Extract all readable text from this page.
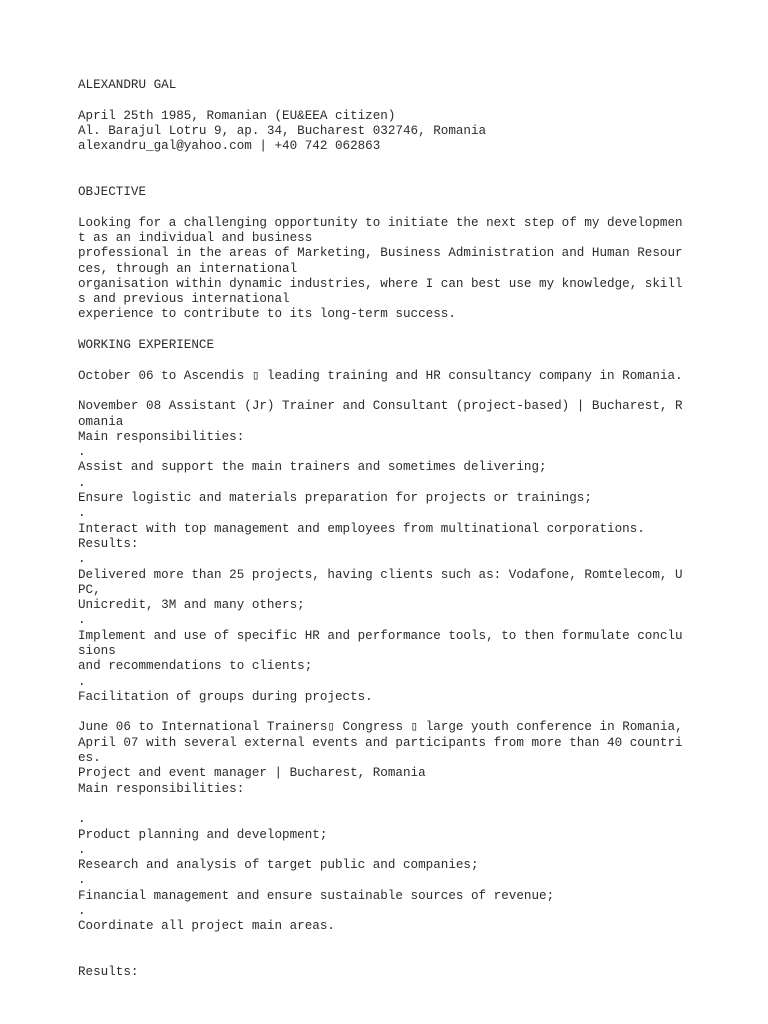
ALEXANDRU GAL
April 25th 1985, Romanian (EU&EEA citizen)
Al. Barajul Lotru 9, ap. 34, Bucharest 032746, Romania
alexandru_gal@yahoo.com | +40 742 062863
OBJECTIVE
Looking for a challenging opportunity to initiate the next step of my developmen
t as an individual and business
professional in the areas of Marketing, Business Administration and Human Resour
ces, through an international
organisation within dynamic industries, where I can best use my knowledge, skill
s and previous international
experience to contribute to its long-term success.
WORKING EXPERIENCE
October 06 to Ascendis ▯ leading training and HR consultancy company in Romania.
November 08 Assistant (Jr) Trainer and Consultant (project-based) | Bucharest, R
omania
Main responsibilities:
.
Assist and support the main trainers and sometimes delivering;
.
Ensure logistic and materials preparation for projects or trainings;
.
Interact with top management and employees from multinational corporations.
Results:
.
Delivered more than 25 projects, having clients such as: Vodafone, Romtelecom, U
PC,
Unicredit, 3M and many others;
.
Implement and use of specific HR and performance tools, to then formulate conclu
sions
and recommendations to clients;
.
Facilitation of groups during projects.
June 06 to International Trainers▯ Congress ▯ large youth conference in Romania,
April 07 with several external events and participants from more than 40 countri
es.
Project and event manager | Bucharest, Romania
Main responsibilities:
.
Product planning and development;
.
Research and analysis of target public and companies;
.
Financial management and ensure sustainable sources of revenue;
.
Coordinate all project main areas.
Results:
